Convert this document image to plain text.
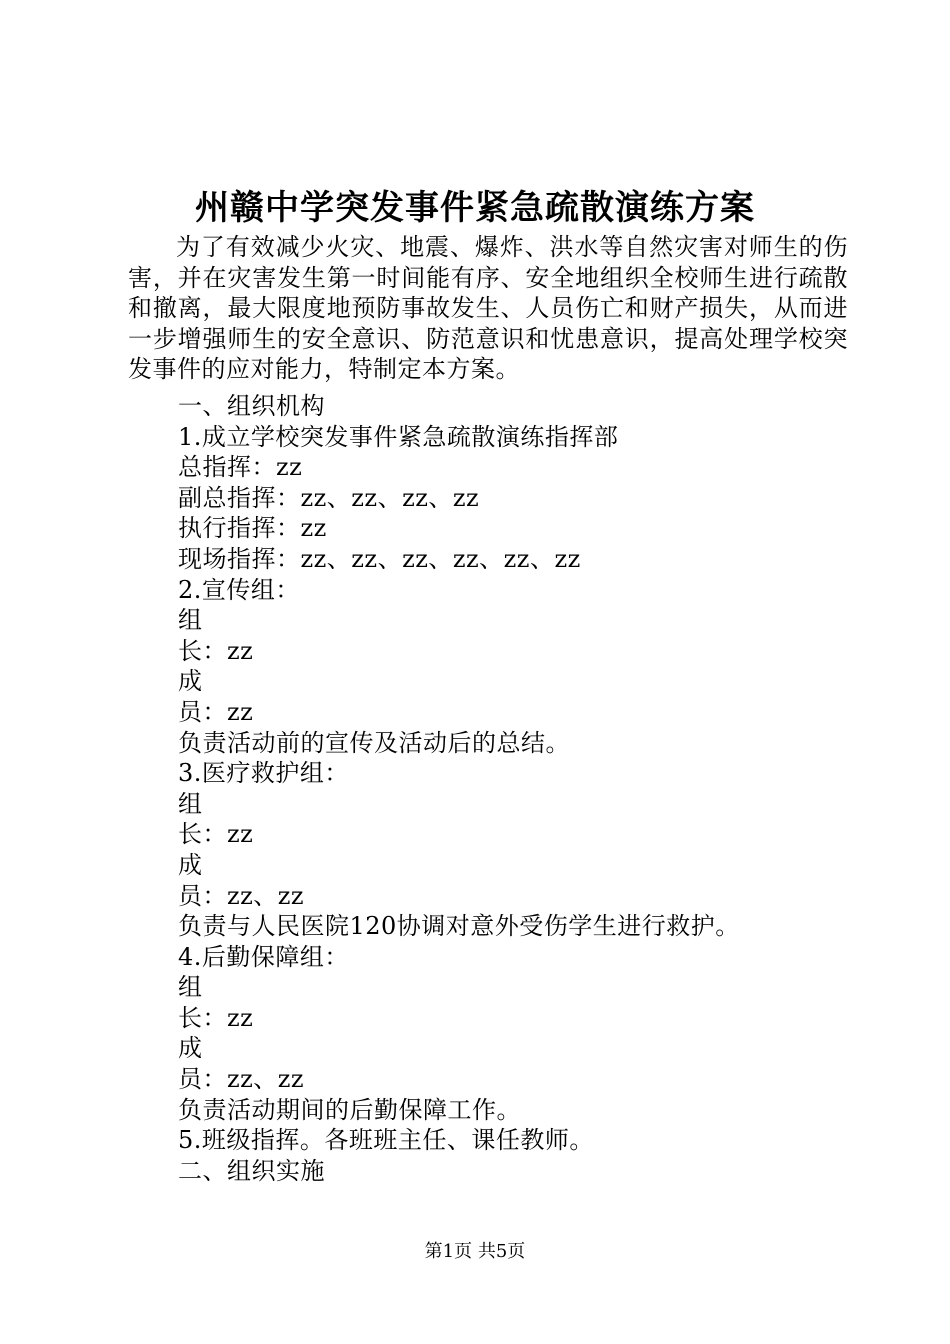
州赣中学突发事件紧急疏散演练方案
为了有效减少火灾、地震、爆炸、洪水等自然灾害对师生的伤害，并在灾害发生第一时间能有序、安全地组织全校师生进行疏散和撤离，最大限度地预防事故发生、人员伤亡和财产损失，从而进一步增强师生的安全意识、防范意识和忧患意识，提高处理学校突发事件的应对能力，特制定本方案。
一、组织机构
1.成立学校突发事件紧急疏散演练指挥部
总指挥：zz
副总指挥：zz、zz、zz、zz
执行指挥：zz
现场指挥：zz、zz、zz、zz、zz、zz
2.宣传组：
组
长：zz
成
员：zz
负责活动前的宣传及活动后的总结。
3.医疗救护组：
组
长：zz
成
员：zz、zz
负责与人民医院120协调对意外受伤学生进行救护。
4.后勤保障组：
组
长：zz
成
员：zz、zz
负责活动期间的后勤保障工作。
5.班级指挥。各班班主任、课任教师。
二、组织实施
第1页 共5页
